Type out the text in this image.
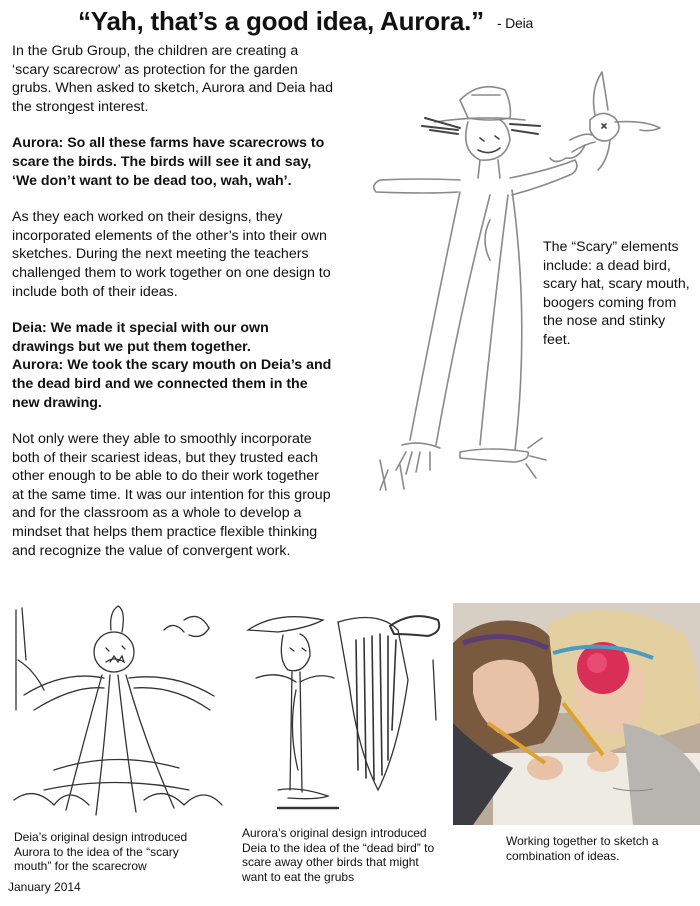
“Yah, that’s a good idea, Aurora.” - Deia

In the Grub Group, the children are creating a ‘scary scarecrow’ as protection for the garden grubs. When asked to sketch, Aurora and Deia had the strongest interest.

Aurora: So all these farms have scarecrows to scare the birds. The birds will see it and say, ‘We don’t want to be dead too, wah, wah’.

As they each worked on their designs, they incorporated elements of the other’s into their own sketches. During the next meeting the teachers challenged them to work together on one design to include both of their ideas.

Deia: We made it special with our own drawings but we put them together.

Aurora: We took the scary mouth on Deia’s and the dead bird and we connected them in the new drawing.

Not only were they able to smoothly incorporate both of their scariest ideas, but they trusted each other enough to be able to do their work together at the same time. It was our intention for this group and for the classroom as a whole to develop a mindset that helps them practice flexible thinking and recognize the value of convergent work.

The “Scary” elements include: a dead bird, scary hat, scary mouth, boogers coming from the nose and stinky feet.
Deia’s original design introduced Aurora to the idea of the “scary mouth” for the scarecrow
Aurora’s original design introduced Deia to the idea of the “dead bird” to scare away other birds that might want to eat the grubs
Working together to sketch a combination of ideas.
January 2014
